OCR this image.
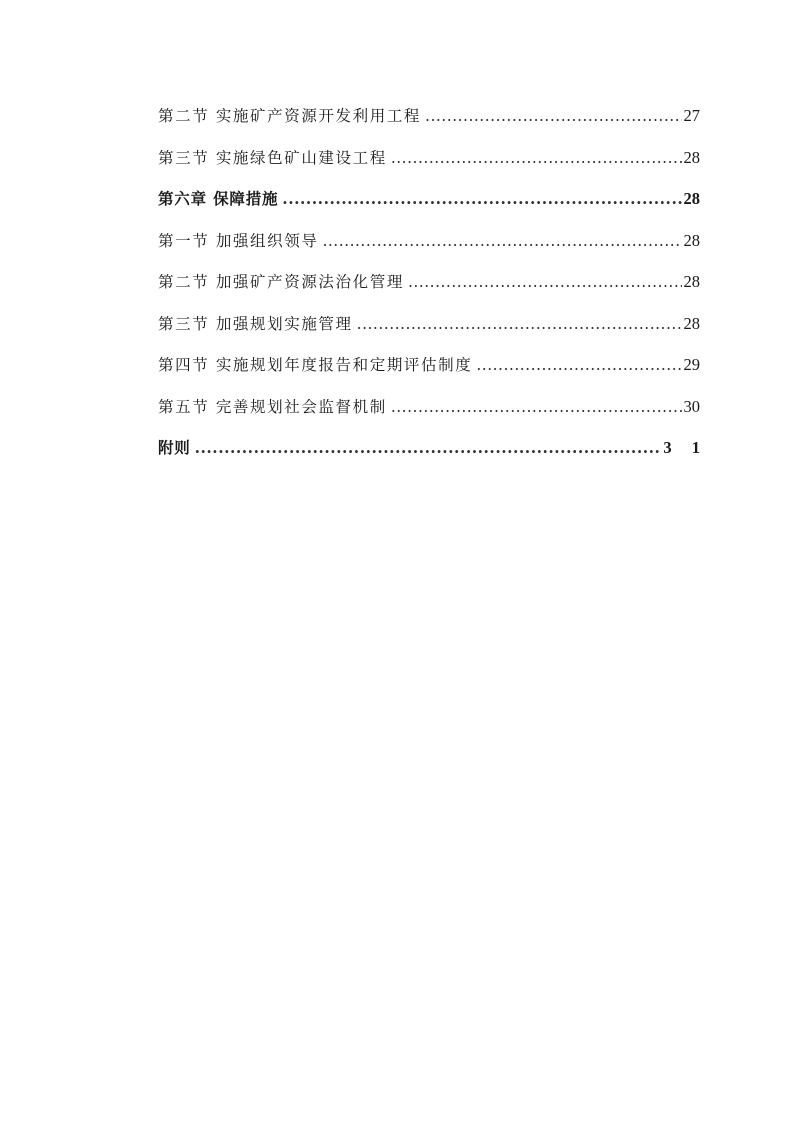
第二节 实施矿产资源开发利用工程 .....	27
第三节 实施绿色矿山建设工程 .....	28
第六章 保障措施 .....	28
第一节 加强组织领导 .....	28
第二节 加强矿产资源法治化管理 .....	28
第三节 加强规划实施管理 .....	28
第四节 实施规划年度报告和定期评估制度 .....	29
第五节 完善规划社会监督机制 .....	30
附则 .....	3 1
